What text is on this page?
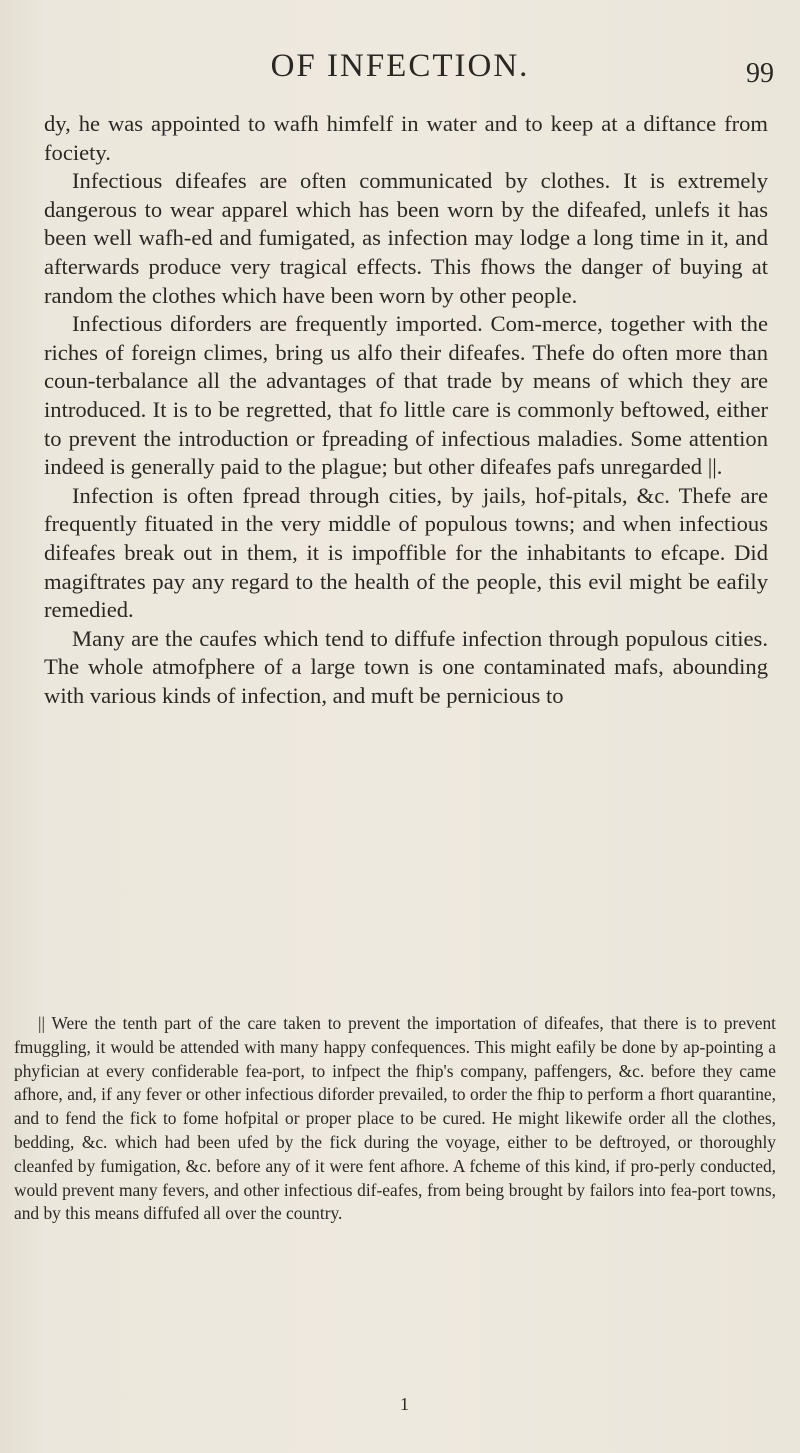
OF INFECTION.	99

dy, he was appointed to wafh himfelf in water and to keep at a diftance from fociety.

Infectious difeafes are often communicated by clothes. It is extremely dangerous to wear apparel which has been worn by the difeafed, unlefs it has been well wafh-ed and fumigated, as infection may lodge a long time in it, and afterwards produce very tragical effects. This fhows the danger of buying at random the clothes which have been worn by other people.

Infectious diforders are frequently imported. Com-merce, together with the riches of foreign climes, bring us alfo their difeafes. Thefe do often more than coun-terbalance all the advantages of that trade by means of which they are introduced. It is to be regretted, that fo little care is commonly beftowed, either to prevent the introduction or fpreading of infectious maladies. Some attention indeed is generally paid to the plague; but other difeafes pafs unregarded ||.

Infection is often fpread through cities, by jails, hof-pitals, &c. Thefe are frequently fituated in the very middle of populous towns; and when infectious difeafes break out in them, it is impoffible for the inhabitants to efcape. Did magiftrates pay any regard to the health of the people, this evil might be eafily remedied.

Many are the caufes which tend to diffufe infection through populous cities. The whole atmofphere of a large town is one contaminated mafs, abounding with various kinds of infection, and muft be pernicious to

|| Were the tenth part of the care taken to prevent the importation of difeafes, that there is to prevent fmuggling, it would be attended with many happy confequences. This might eafily be done by ap-pointing a phyfician at every confiderable fea-port, to infpect the fhip's company, paffengers, &c. before they came afhore, and, if any fever or other infectious diforder prevailed, to order the fhip to perform a fhort quarantine, and to fend the fick to fome hofpital or proper place to be cured. He might likewife order all the clothes, bedding, &c. which had been ufed by the fick during the voyage, either to be deftroyed, or thoroughly cleanfed by fumigation, &c. before any of it were fent afhore. A fcheme of this kind, if pro-perly conducted, would prevent many fevers, and other infectious dif-eafes, from being brought by failors into fea-port towns, and by this means diffufed all over the country.

1
